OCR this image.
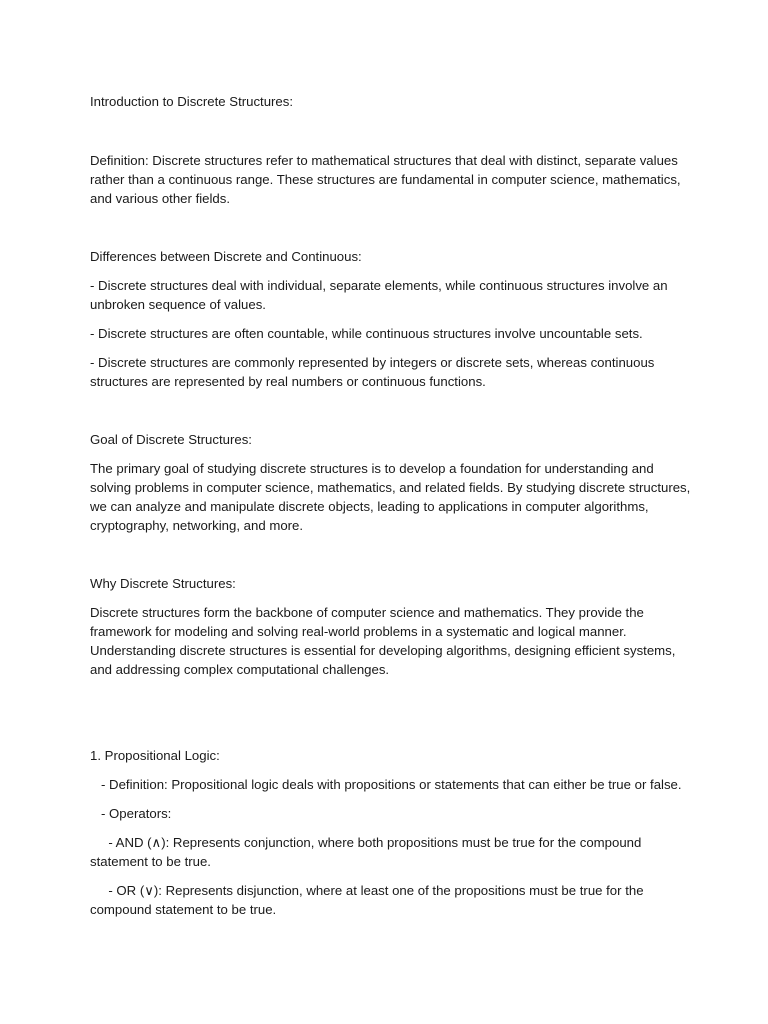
Introduction to Discrete Structures:

Definition: Discrete structures refer to mathematical structures that deal with distinct, separate values

rather than a continuous range. These structures are fundamental in computer science, mathematics,

and various other fields.

Differences between Discrete and Continuous:

- Discrete structures deal with individual, separate elements, while continuous structures involve an

unbroken sequence of values.

- Discrete structures are often countable, while continuous structures involve uncountable sets.

- Discrete structures are commonly represented by integers or discrete sets, whereas continuous

structures are represented by real numbers or continuous functions.

Goal of Discrete Structures:

The primary goal of studying discrete structures is to develop a foundation for understanding and

solving problems in computer science, mathematics, and related fields. By studying discrete structures,

we can analyze and manipulate discrete objects, leading to applications in computer algorithms,

cryptography, networking, and more.

Why Discrete Structures:

Discrete structures form the backbone of computer science and mathematics. They provide the

framework for modeling and solving real-world problems in a systematic and logical manner.

Understanding discrete structures is essential for developing algorithms, designing efficient systems,

and addressing complex computational challenges.

1. Propositional Logic:

- Definition: Propositional logic deals with propositions or statements that can either be true or false.

- Operators:

- AND (∧): Represents conjunction, where both propositions must be true for the compound

statement to be true.

- OR (∨): Represents disjunction, where at least one of the propositions must be true for the

compound statement to be true.
